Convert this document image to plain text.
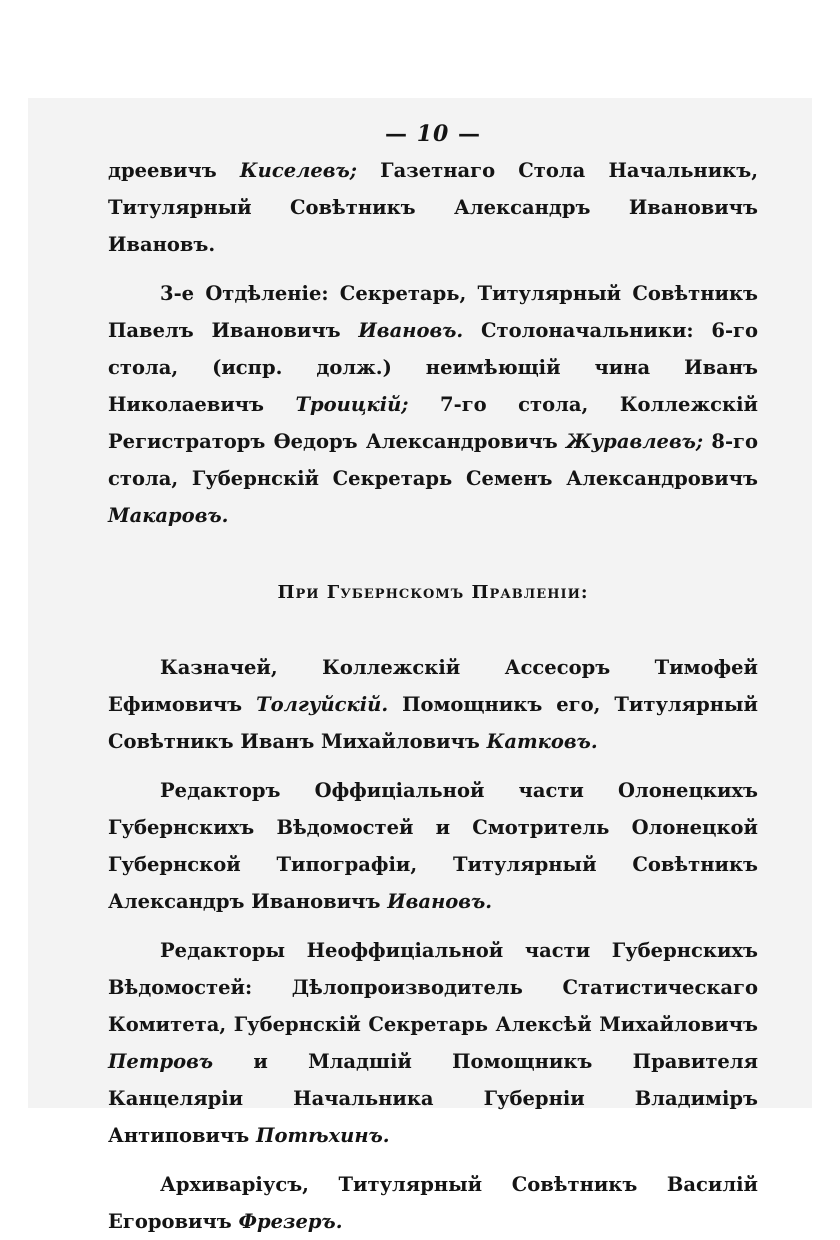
— 10 —

дреевичъ Киселевъ; Газетнаго Стола Начальникъ, Титулярный Совѣтникъ Александръ Ивановичъ Ивановъ.

3-е Отдѣленіе: Секретарь, Титулярный Совѣтникъ Павелъ Ивановичъ Ивановъ. Столоначальники: 6-го стола, (испр. долж.) неимѣющій чина Иванъ Николаевичъ Троицкій; 7-го стола, Коллежскій Регистраторъ Ѳедоръ Александровичъ Журавлевъ; 8-го стола, Губернскій Секретарь Семенъ Александровичъ Макаровъ.

При Губернскомъ Правленіи:

Казначей, Коллежскій Ассесоръ Тимофей Ефимовичъ Толгуйскій. Помощникъ его, Титулярный Совѣтникъ Иванъ Михайловичъ Катковъ.

Редакторъ Оффиціальной части Олонецкихъ Губернскихъ Вѣдомостей и Смотритель Олонецкой Губернской Типографіи, Титулярный Совѣтникъ Александръ Ивановичъ Ивановъ.

Редакторы Неоффиціальной части Губернскихъ Вѣдомостей: Дѣлопроизводитель Статистическаго Комитета, Губернскій Секретарь Алексѣй Михайловичъ Петровъ и Младшій Помощникъ Правителя Канцеляріи Начальника Губерніи Владиміръ Антиповичъ Потѣхинъ.

Архиваріусъ, Титулярный Совѣтникъ Василій Егоровичъ Фрезеръ.
